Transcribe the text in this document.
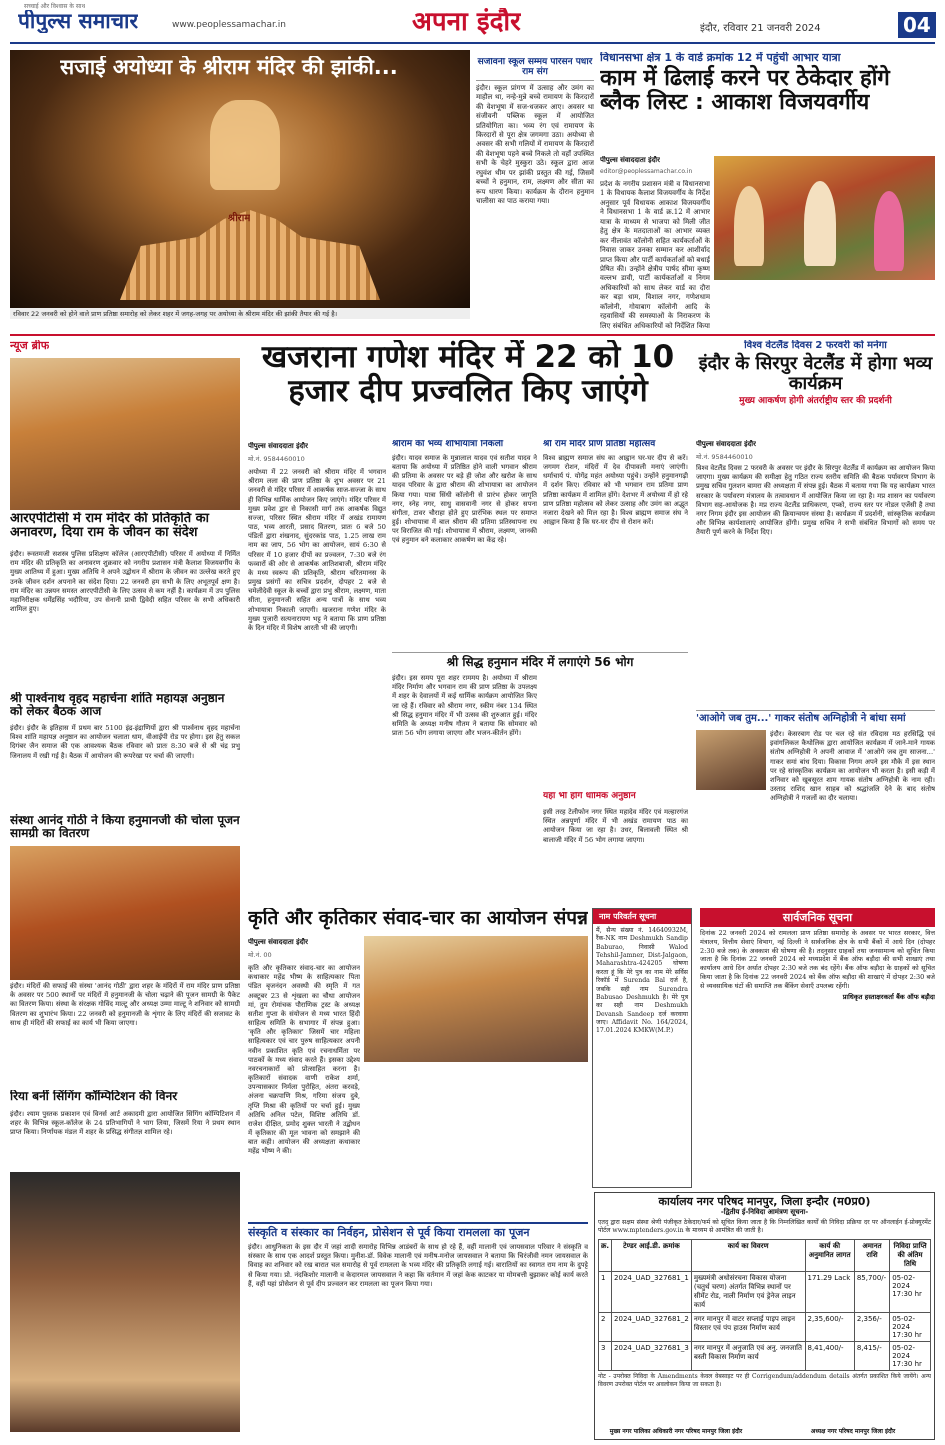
सच्चाई और विश्वास के साथ
पीपुल्स समाचार	www.peoplessamachar.in	अपना इंदौर	इंदौर, रविवार 21 जनवरी 2024	04
सजाई अयोध्या के श्रीराम मंदिर की झांकी...
श्रीराम
रविवार 22 जनवरी को होने वाले प्राण प्रतिष्ठा समारोह को लेकर शहर में जगह-जगह पर अयोध्या के श्रीराम मंदिर की झांकी तैयार की गई है।
संजीवनी स्कूल सम्मय परिसन पधारे राम संग
इंदौर। स्कूल प्रांगण में उत्साह और उमंग का माहौल था, नन्हे-मुन्ने बच्चे रामायण के किरदारों की वेशभूषा में सज-धजकर आए। अवसर था संजीवनी पब्लिक स्कूल में आयोजित प्रतियोगिता का। भव्य रंग एवं रामायण के किरदारों से पूरा क्षेत्र जगमगा उठा। अयोध्या से अवसर की सभी गलियों में रामायण के किरदारों की वेशभूषा पहने बच्चे निकले तो वहाँ उपस्थित सभी के चेहरे मुस्कुरा उठे। स्कूल द्वारा आज रघुवंश थीम पर झांकी प्रस्तुत की गई, जिसमें बच्चों ने हनुमान, राम, लक्ष्मण और सीता का रूप धारण किया। कार्यक्रम के दौरान हनुमान चालीसा का पाठ कराया गया।
विधानसभा क्षेत्र 1 के वार्ड क्रमांक 12 में पहुंची आभार यात्रा
काम में ढिलाई करने पर ठेकेदार होंगे ब्लैक लिस्ट : आकाश विजयवर्गीय
पीपुल्स संवाददाता इंदौर
editor@peoplessamachar.co.in
प्रदेश के नगरीय प्रशासन मंत्री व विधानसभा 1 के विधायक कैलाश विजयवर्गीय के निर्देश अनुसार पूर्व विधायक आकाश विजयवर्गीय ने विधानसभा 1 के वार्ड क्र.12 में आभार यात्रा के माध्यम से भाजपा को मिली जीत हेतु क्षेत्र के मतदाताओं का आभार व्यक्त कर नीलावंत कॉलोनी सहित कार्यकर्ताओं के निवास जाकर उनका सम्मान कर आशीर्वाद प्राप्त किया और पार्टी कार्यकर्ताओं को बधाई प्रेषित की। उन्होंने क्षेत्रीय पार्षद सीमा कृष्ण वल्लभ डावी, पार्टी कार्यकर्ताओं व निगम अधिकारियों को साथ लेकर वार्ड का दौरा कर बड़ा धाम, विशाल नगर, गणेशधाम कॉलोनी, गोयाबाग कॉलोनी आदि के रहवासियों की समस्याओं के निराकरण के लिए संबंधित अधिकारियों को निर्देशित किया
न्यूज ब्रीफ
आरएपीटीसी में राम मंदिर की प्रतिकृति का अनावरण, दिया राम के जीवन का संदेश
इंदौर। रूस्तमजी सशस्त्र पुलिस प्रशिक्षण कॉलेज (आरएपीटीसी) परिसर में अयोध्या में निर्मित राम मंदिर की प्रतिकृति का अनावरण शुक्रवार को नगरीय प्रशासन मंत्री कैलाश विजयवर्गीय के मुख्य आतिथ्य में हुआ। मुख्य अतिथि ने अपने उद्बोधन में श्रीराम के जीवन का उल्लेख करते हुए उनके जीवन दर्शन अपनाने का संदेश दिया। 22 जनवरी हम सभी के लिए अभूतपूर्व क्षण है। राम मंदिर का उन्नयन समस्त आरएपीटीसी के लिए उत्सव से कम नहीं है। कार्यक्रम में उप पुलिस महानिरीक्षक धर्मेंद्रसिंह भदौरिया, उप सेनानी प्राची द्विवेदी सहित परिसर के सभी अधिकारी शामिल हुए।
श्री पार्श्वनाथ वृहद महार्चना शांति महायज्ञ अनुष्ठान को लेकर बैठक आज
इंदौर। इंदौर के इतिहास में प्रथम बार 5100 इंद्र-इंद्राणियों द्वारा श्री पार्श्वनाथ वृहद महार्चना विश्व शांति महायज्ञ अनुष्ठान का आयोजन चलाता धाम, वीआईपी रोड पर होगा। इस हेतु सकल दिगंबर जैन समाज की एक आवश्यक बैठक रविवार को प्रातः 8:30 बजे से श्री चंद्र प्रभु जिनालय में रखी गई है। बैठक में आयोजन की रूपरेखा पर चर्चा की जाएगी।
संस्था आनंद गोठी ने किया हनुमानजी की चोला पूजन सामग्री का वितरण
इंदौर। मंदिरों की सफाई की संस्था 'आनंद गोठी' द्वारा शहर के मंदिरों में राम मंदिर प्राण प्रतिष्ठा के अवसर पर 500 स्थानों पर मंदिरों में हनुमानजी के चोला चढ़ाने की पूजन सामग्री के पैकेट का वितरण किया। संस्था के संरक्षक गोविंद माल्टू और अध्यक्ष उम्मा माल्टू ने शनिवार को सामग्री वितरण का शुभारंभ किया। 22 जनवरी को हनुमानजी के शृंगार के लिए मंदिरों की सजावट के साथ ही मंदिरों की सफाई का कार्य भी किया जाएगा।
रिया बनीं सिंगिंग कॉम्पिटिशन की विनर
इंदौर। श्याम पुस्तक प्रकाशन एवं विनर्स आर्ट अकादमी द्वारा आयोजित सिंगिंग कॉम्पिटिशन में शहर के विभिन्न स्कूल-कॉलेज के 24 प्रतिभागियों ने भाग लिया, जिसमें रिया ने प्रथम स्थान प्राप्त किया। निर्णायक मंडल में शहर के प्रसिद्ध संगीतज्ञ शामिल रहे।
खजराना गणेश मंदिर में 22 को 10 हजार दीप प्रज्वलित किए जाएंगे
पीपुल्स संवाददाता इंदौर
मो.नं. 9584460010
अयोध्या में 22 जनवरी को श्रीराम मंदिर में भगवान श्रीराम लला की प्राण प्रतिष्ठा के शुभ अवसर पर 21 जनवरी से मंदिर परिसर में आकर्षक साज-सज्जा के साथ ही विभिन्न धार्मिक आयोजन किए जाएंगे। मंदिर परिसर में मुख्य प्रवेश द्वार से निकासी मार्ग तक आकर्षक विद्युत सज्जा, परिसर स्थित श्रीराम मंदिर में अखंड रामायण पाठ, भव्य आरती, प्रसाद वितरण, प्रातः 6 बजे 50 पंडितों द्वारा शंखनाद, सुंदरकांड पाठ, 1.25 लाख राम नाम का जाप, 56 भोग का आयोजन, सायं 6:30 से परिसर में 10 हजार दीपों का प्रज्वलन, 7:30 बजे रंग फव्वारों की ओर से आकर्षक आतिशबाजी, श्रीराम मंदिर के मध्य स्वरूप की प्रतिकृति, श्रीराम चरितमानस के प्रमुख प्रसंगों का सचित्र प्रदर्शन, दोपहर 2 बजे से चमेलीदेवी स्कूल के बच्चों द्वारा प्रभु श्रीराम, लक्ष्मण, माता सीता, हनुमानजी सहित अन्य पात्रों के साथ भव्य शोभायात्रा निकाली जाएगी। खजराना गणेश मंदिर के मुख्य पुजारी सत्यनारायण भट्ट ने बताया कि प्राण प्रतिष्ठा के दिन मंदिर में विशेष आरती भी की जाएगी।
श्रीराम की भव्य शोभायात्रा निकली
इंदौर। यादव समाज के मुन्नालाल यादव एवं सतीश यादव ने बताया कि अयोध्या में प्रतिष्ठित होने वाली भगवान श्रीराम की प्रतिमा के अवसर पर बड़े ही जोश और खरोश के साथ यादव परिवार के द्वारा श्रीराम की शोभायात्रा का आयोजन किया गया। यात्रा सिंधी कॉलोनी से प्रारंभ होकर जागृति नगर, स्नेह नगर, साधु वासवानी नगर से होकर सपना संगीता, टावर चौराहा होते हुए प्रारंभिक स्थल पर समाप्त हुई। शोभायात्रा में बाल श्रीराम की प्रतिमा प्रतिस्थापना रथ पर विराजित की गई। शोभायात्रा में श्रीराम, लक्ष्मण, जानकी एवं हनुमान बने कलाकार आकर्षण का केंद्र रहे।
श्री राम मंदिर प्राण प्रतिष्ठा महोत्सव
विश्व ब्राह्मण समाज संघ का आह्वान घर-घर दीप से करें। जगमग रोशन, मंदिरों में देव दीपावली मनाएं जाएंगी। धर्माचार्य पं. योगेंद्र महंत अयोध्या पहुंचे। उन्होंने हनुमानगढ़ी में दर्शन किए। रविवार को भी भगवान राम प्रतिमा प्राण प्रतिष्ठा कार्यक्रम में शामिल होंगे। देशभर में अयोध्या में हो रहे प्राण प्रतिष्ठा महोत्सव को लेकर उत्साह और उमंग का अद्भुत नजारा देखने को मिल रहा है। विश्व ब्राह्मण समाज संघ ने आह्वान किया है कि घर-घर दीप से रोशन करें।
श्री सिद्ध हनुमान मंदिर में लगाएंगे 56 भोग
इंदौर। इस समय पूरा शहर राममय है। अयोध्या में श्रीराम मंदिर निर्माण और भगवान राम की प्राण प्रतिष्ठा के उपलक्ष्य में शहर के देवालयों में कई धार्मिक कार्यक्रम आयोजित किए जा रहे हैं। रविवार को श्रीराम नगर, स्कीम नंबर 134 स्थित श्री सिद्ध हनुमान मंदिर में भी उत्सव की शुरुआत हुई। मंदिर समिति के अध्यक्ष मनीष गौतम ने बताया कि सोमवार को प्रातः 56 भोग लगाया जाएगा और भजन-कीर्तन होंगे।
यहां भी होंगे धार्मिक अनुष्ठान
इसी तरह टेलीफोन नगर स्थित महादेव मंदिर एवं मल्हारगंज स्थित अन्नपूर्णा मंदिर में भी अखंड रामायण पाठ का आयोजन किया जा रहा है। उधर, बिलावली स्थित श्री बालाजी मंदिर में 56 भोग लगाया जाएगा।
विश्व वेटलैंड दिवस 2 फरवरी को मनेगा
इंदौर के सिरपुर वेटलैंड में होगा भव्य कार्यक्रम
मुख्य आकर्षण होगी अंतर्राष्ट्रीय स्तर की प्रदर्शनी
पीपुल्स संवाददाता इंदौर
मो.नं. 9584460010
विश्व वेटलैंड दिवस 2 फरवरी के अवसर पर इंदौर के सिरपुर वेटलैंड में कार्यक्रम का आयोजन किया जाएगा। मुख्य कार्यक्रम की समीक्षा हेतु गठित राज्य स्तरीय समिति की बैठक पर्यावरण विभाग के प्रमुख सचिव गुलशन बामरा की अध्यक्षता में संपन्न हुई। बैठक में बताया गया कि यह कार्यक्रम भारत सरकार के पर्यावरण मंत्रालय के तत्वावधान में आयोजित किया जा रहा है। मप्र शासन का पर्यावरण विभाग सह-आयोजक है। मप्र राज्य वेटलैंड प्राधिकरण, एप्को, राज्य स्तर पर नोडल एजेंसी है तथा नगर निगम इंदौर इस आयोजन की क्रियान्वयन संस्था है। कार्यक्रम में प्रदर्शनी, सांस्कृतिक कार्यक्रम और विभिन्न कार्यशालाएं आयोजित होंगी। प्रमुख सचिव ने सभी संबंधित विभागों को समय पर तैयारी पूर्ण करने के निर्देश दिए।
'आओगे जब तुम...' गाकर संतोष अग्निहोत्री ने बांधा समां
इंदौर। केसरबाग रोड पर चल रहे संत रविदास मठ हरसिद्धि एवं इवांगलिकल कैथोलिक द्वारा आयोजित कार्यक्रम में जाने-माने गायक संतोष अग्निहोत्री ने अपनी आवाज में 'आओगे जब तुम साजना...' गाकर समां बांध दिया। विकास निगम अपने इस मौके में इस स्थान पर रहे सांस्कृतिक कार्यक्रम का आयोजन भी करता है। इसी कड़ी में शनिवार को खूबसूरत शाम गायक संतोष अग्निहोत्री के नाम रही। उस्ताद राशिद खान साहब को श्रद्धांजलि देने के बाद संतोष अग्निहोत्री ने गजलों का दौर चलाया।
कृति और कृतिकार संवाद-चार का आयोजन संपन्न
पीपुल्स संवाददाता इंदौर
मो.नं. 00
कृति और कृतिकार संवाद-चार का आयोजन कथाकार महेंद्र भीष्म के साहित्यकार पिता पंडित बृजनंदन अवस्थी की स्मृति में गत अक्टूबर 23 से शृंखला का चौथा आयोजन मां, तुम रोमांचक पौराणिक ट्रस्ट के अध्यक्ष सतीश गुप्ता के संयोजन से मध्य भारत हिंदी साहित्य समिति के सभागार में संपन्न हुआ। 'कृति और कृतिकार' जिसमें चार महिला साहित्यकार एवं चार पुरुष साहित्यकार अपनी नवीन प्रकाशित कृति एवं रचनाधर्मिता पर पाठकों के मध्य संवाद करते हैं। इसका उद्देश्य नवरचनाकारों को प्रोत्साहित करना है। कृतिकारों संवादक वाणी राकेश शर्मा, उपन्यासकार निर्मला पुरोहित, अंतरा करवड़े, अंजना चक्रपाणि मिश्र, गरिमा संजय दुबे, तृप्ति मिश्रा की कृतियों पर चर्चा हुई। मुख्य अतिथि अनिल पटेल, विशिष्ट अतिथि डॉ. राजेश दीक्षित, प्रमोद शुक्ल भारती ने उद्बोधन में कृतिकार की मूल भावना को समझाने की बात कही। आयोजन की अध्यक्षता कथाकार महेंद्र भीष्म ने की।
संस्कृति व संस्कार का निर्वहन, प्रोसेशन से पूर्व किया रामलला का पूजन
इंदौर। आधुनिकता के इस दौर में जहां शादी समारोह विभिन्न आडंबरों के साथ हो रहे हैं, वहीं मालानी एवं जायसवाल परिवार ने संस्कृति व संस्कार के साथ एक आदर्श प्रस्तुत किया। मुनीश-डॉ. विवेक मालानी एवं मनीष-मनोज जायसवाल ने बताया कि चिरंजीवी नमन जायसवाल के विवाह का शनिवार को रख बारात चल समारोह से पूर्व रामलला के भव्य मंदिर की प्रतिकृति लगाई गई। बारातियों का स्वागत राम नाम के दुपट्टे से किया गया। प्रो. नंदकिशोर मालानी व केदारमल जायसवाल ने कहा कि वर्तमान में जहां केक काटकर या मोमबत्ती बुझाकर कोई कार्य करते हैं, वहीं यहां प्रोसेशन से पूर्व दीप प्रज्वलन कर रामलला का पूजन किया गया।
नाम परिवर्तन सूचना
मैं, सैन्य संख्या नं. 14640932M, रैंक-NK नाम Deshmukh Sandip Baburao, निवासी Walod Tehshil-Jamner, Dist-Jalgaon, Maharashtra-424205 घोषणा करता हूं कि मेरे पुत्र का नाम मेरे सर्विस रिकॉर्ड में Surenda Bal दर्ज है, जबकि सही नाम Surendra Babusao Deshmukh है। मेरे पुत्र का सही नाम Deshmukh Devansh Sandeep दर्ज करवाया जाए। Affidavit No. 164/2024, 17.01.2024 KMKW(M.P.)
सार्वजनिक सूचना
दिनांक 22 जनवरी 2024 को रामलला प्राण प्रतिष्ठा समारोह के अवसर पर भारत सरकार, वित्त मंत्रालय, वित्तीय सेवाएं विभाग, नई दिल्ली ने सार्वजनिक क्षेत्र के सभी बैंकों में आधे दिन (दोपहर 2:30 बजे तक) के अवकाश की घोषणा की है। तदनुसार ग्राहकों तथा जनसामान्य को सूचित किया जाता है कि दिनांक 22 जनवरी 2024 को मध्यप्रदेश में बैंक ऑफ बड़ौदा की सभी शाखाएं तथा कार्यालय आधे दिन अर्थात दोपहर 2:30 बजे तक बंद रहेंगे। बैंक ऑफ बड़ौदा के ग्राहकों को सूचित किया जाता है कि दिनांक 22 जनवरी 2024 को बैंक ऑफ बड़ौदा की शाखाएं में दोपहर 2:30 बजे से व्यवसायिक घंटों की समाप्ति तक बैंकिंग सेवाएँ उपलब्ध रहेंगी।
प्राधिकृत हस्ताक्षरकर्ता बैंक ऑफ बड़ौदा
कार्यालय नगर परिषद मानपुर, जिला इन्दौर (म0प्र0)
-द्वितीय ई-निविदा आमंत्रण सूचना-
एतद् द्वारा सक्षम संस्था श्रेणी पंजीकृत ठेकेदार/फर्म को सूचित किया जाता है कि निम्नलिखित कार्यों की निविदा प्रक्रिया दर पर ऑनलाईन ई-प्रोक्युरमेंट पोर्टल www.mptenders.gov.in के माध्यम से आमंत्रित की जाती है।
क्र.	टेण्डर आई.डी. क्रमांक	कार्य का विवरण	कार्य की अनुमानित लागत	अमानत राशि	निविदा प्राप्ति की अंतिम तिथि
1	2024_UAD_327681_1	मुख्यमंत्री अधोसंरचना विकास योजना (चतुर्थ चरण) अंतर्गत विभिन्न स्थानों पर सीमेंट रोड, नाली निर्माण एवं ड्रेनेज लाइन कार्य	171.29 Lack	85,700/-	05-02-2024 17:30 hr
2	2024_UAD_327681_2	नगर मानपुर में वाटर सप्लाई पाइप लाइन विस्तार एवं पंप हाउस निर्माण कार्य	2,35,600/-	2,356/-	05-02-2024 17:30 hr
3	2024_UAD_327681_3	नगर मानपुर में अनुजाति एवं अनु. जनजाति बस्ती विकास निर्माण कार्य	8,41,400/-	8,415/-	05-02-2024 17:30 hr
नोट - उपरोक्त निविदा के Amendments केवल वेबसाइट पर ही Corrigendum/addendum details अंतर्गत प्रकाशित किये जायेंगे। अन्य विवरण उपरोक्त पोर्टल पर अवलोकन किया जा सकता है।
मुख्य नगर पालिका अधिकारी नगर परिषद मानपुर जिला इंदौर	अध्यक्ष नगर परिषद मानपुर जिला इंदौर
